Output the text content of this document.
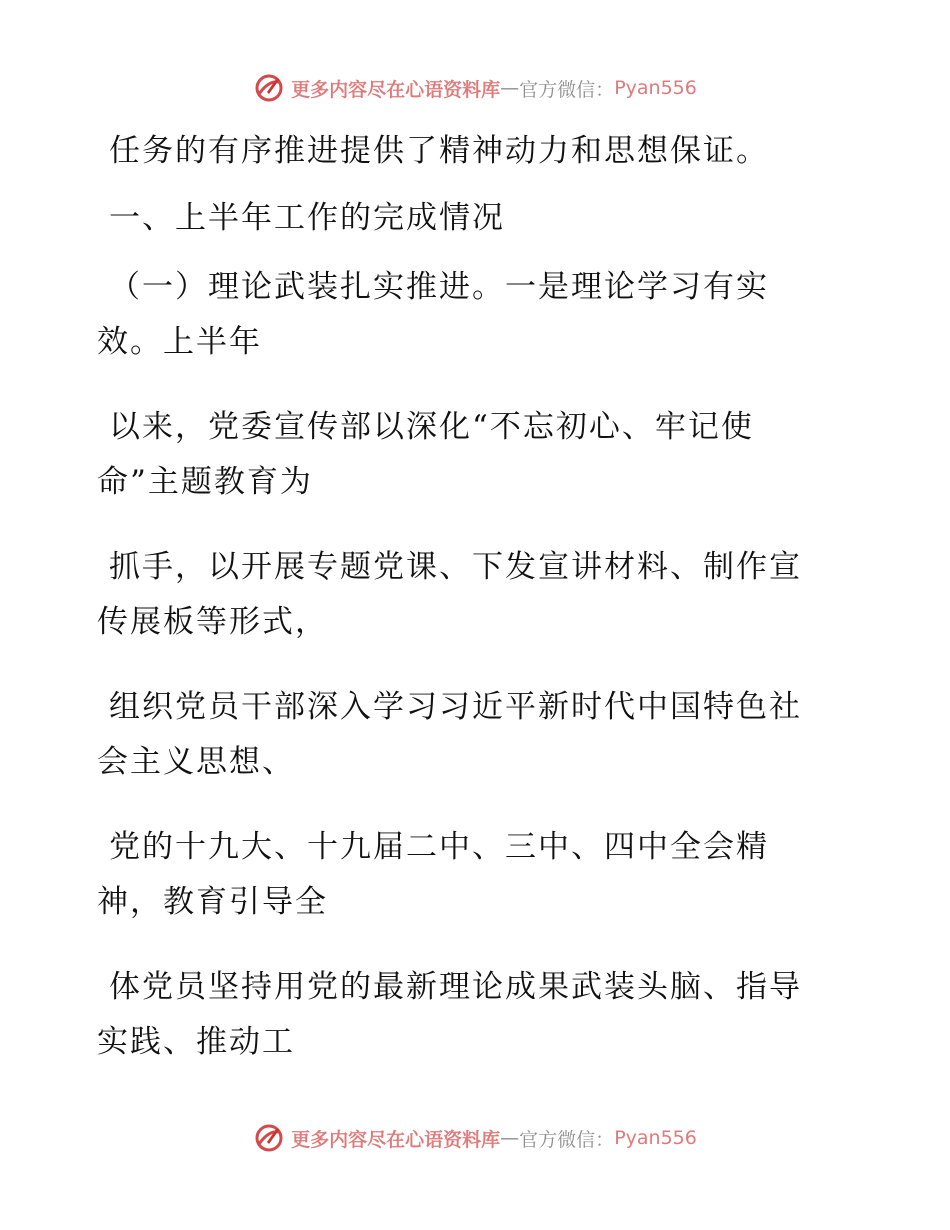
更多内容尽在心语资料库 — 官方微信： Pyan556

任务的有序推进提供了精神动力和思想保证。

一、上半年工作的完成情况

（一）理论武装扎实推进。一是理论学习有实
效。上半年

以来，党委宣传部以深化“不忘初心、牢记使
命”主题教育为

抓手，以开展专题党课、下发宣讲材料、制作宣
传展板等形式，

组织党员干部深入学习习近平新时代中国特色社
会主义思想、

党的十九大、十九届二中、三中、四中全会精
神，教育引导全

体党员坚持用党的最新理论成果武装头脑、指导
实践、推动工

更多内容尽在心语资料库 — 官方微信： Pyan556
